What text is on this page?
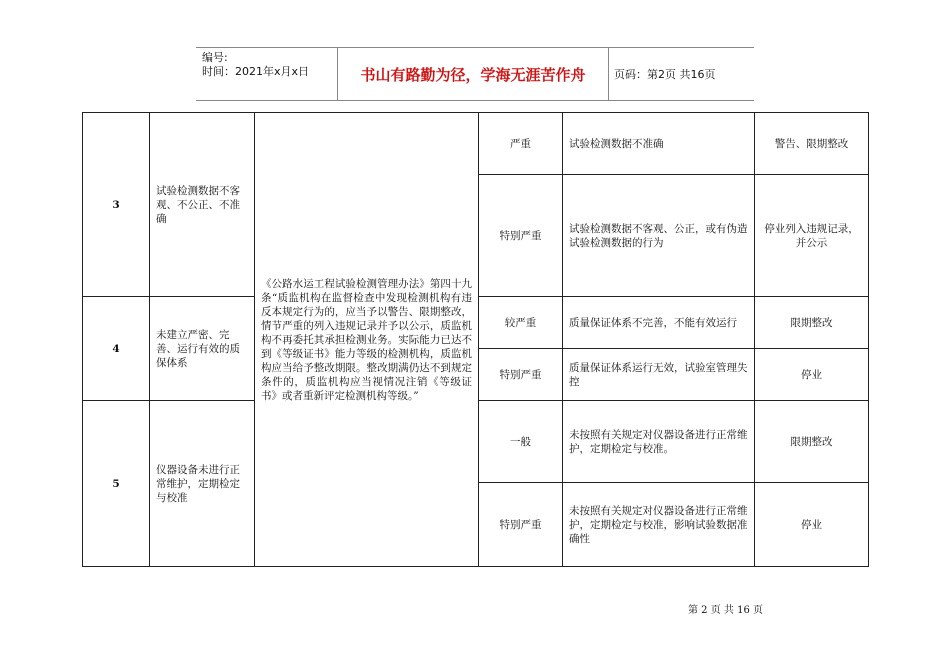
编号:
时间：2021年x月x日	书山有路勤为径，学海无涯苦作舟	页码：第2页 共16页
3	试验检测数据不客观、不公正、不准确	《公路水运工程试验检测管理办法》第四十九条“质监机构在监督检查中发现检测机构有违反本规定行为的，应当予以警告、限期整改，情节严重的列入违规记录并予以公示，质监机构不再委托其承担检测业务。实际能力已达不到《等级证书》能力等级的检测机构，质监机构应当给予整改期限。整改期满仍达不到规定条件的，质监机构应当视情况注销《等级证书》或者重新评定检测机构等级。”	严重	试验检测数据不准确	警告、限期整改
			特别严重	试验检测数据不客观、公正，或有伪造试验检测数据的行为	停业列入违规记录，并公示
4	未建立严密、完善、运行有效的质保体系		较严重	质量保证体系不完善，不能有效运行	限期整改
			特别严重	质量保证体系运行无效，试验室管理失控	停业
5	仪器设备未进行正常维护，定期检定与校准		一般	未按照有关规定对仪器设备进行正常维护，定期检定与校准。	限期整改
			特别严重	未按照有关规定对仪器设备进行正常维护，定期检定与校准，影响试验数据准确性	停业
第 2 页 共 16 页
